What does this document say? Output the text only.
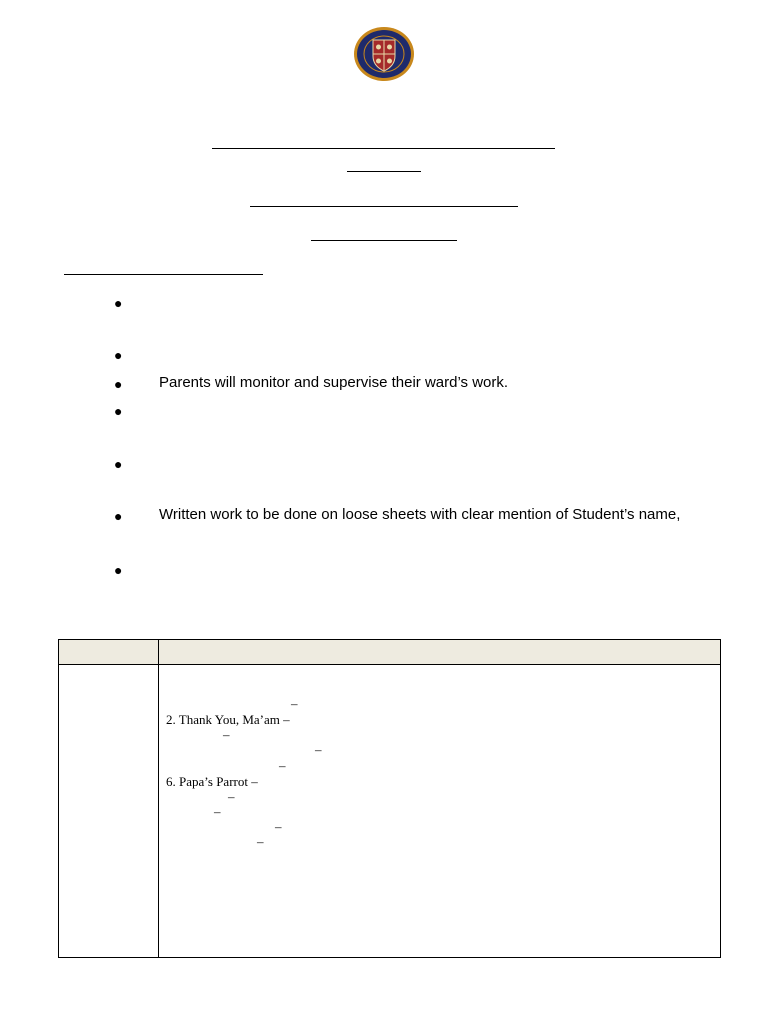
●
●
● Parents will monitor and supervise their ward’s work.
●
●
● Written work to be done on loose sheets with clear mention of Student’s name,
●
–
2. Thank You, Ma’am –
–
–
–
6. Papa’s Parrot –
–
–
–
–
